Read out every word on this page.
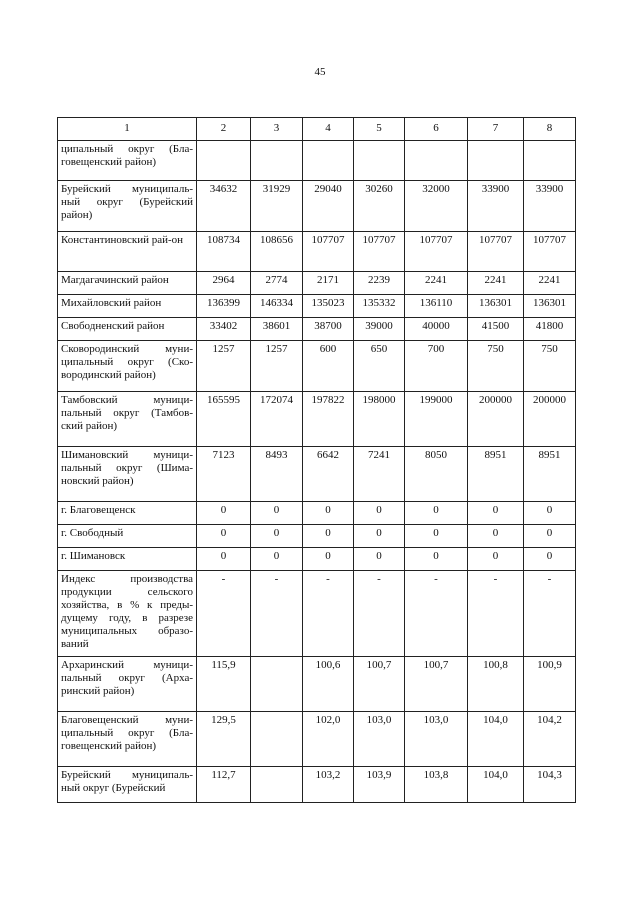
45
1	2	3	4	5	6	7	8
ципальный округ (Бла-говещенский район)							
Бурейский муниципаль-ный округ (Бурейский район)	34632	31929	29040	30260	32000	33900	33900
Константиновский рай-он	108734	108656	107707	107707	107707	107707	107707
Магдагачинский район	2964	2774	2171	2239	2241	2241	2241
Михайловский район	136399	146334	135023	135332	136110	136301	136301
Свободненский район	33402	38601	38700	39000	40000	41500	41800
Сковородинский муни-ципальный округ (Ско-вородинский район)	1257	1257	600	650	700	750	750
Тамбовский муници-пальный округ (Тамбов-ский район)	165595	172074	197822	198000	199000	200000	200000
Шимановский муници-пальный округ (Шима-новский район)	7123	8493	6642	7241	8050	8951	8951
г. Благовещенск	0	0	0	0	0	0	0
г. Свободный	0	0	0	0	0	0	0
г. Шимановск	0	0	0	0	0	0	0
Индекс производства продукции сельского хозяйства, в % к преды-дущему году, в разрезе муниципальных образо-ваний	-	-	-	-	-	-	-
Архаринский муници-пальный округ (Арха-ринский район)	115,9		100,6	100,7	100,7	100,8	100,9
Благовещенский муни-ципальный округ (Бла-говещенский район)	129,5		102,0	103,0	103,0	104,0	104,2
Бурейский муниципаль-ный округ (Бурейский	112,7		103,2	103,9	103,8	104,0	104,3
